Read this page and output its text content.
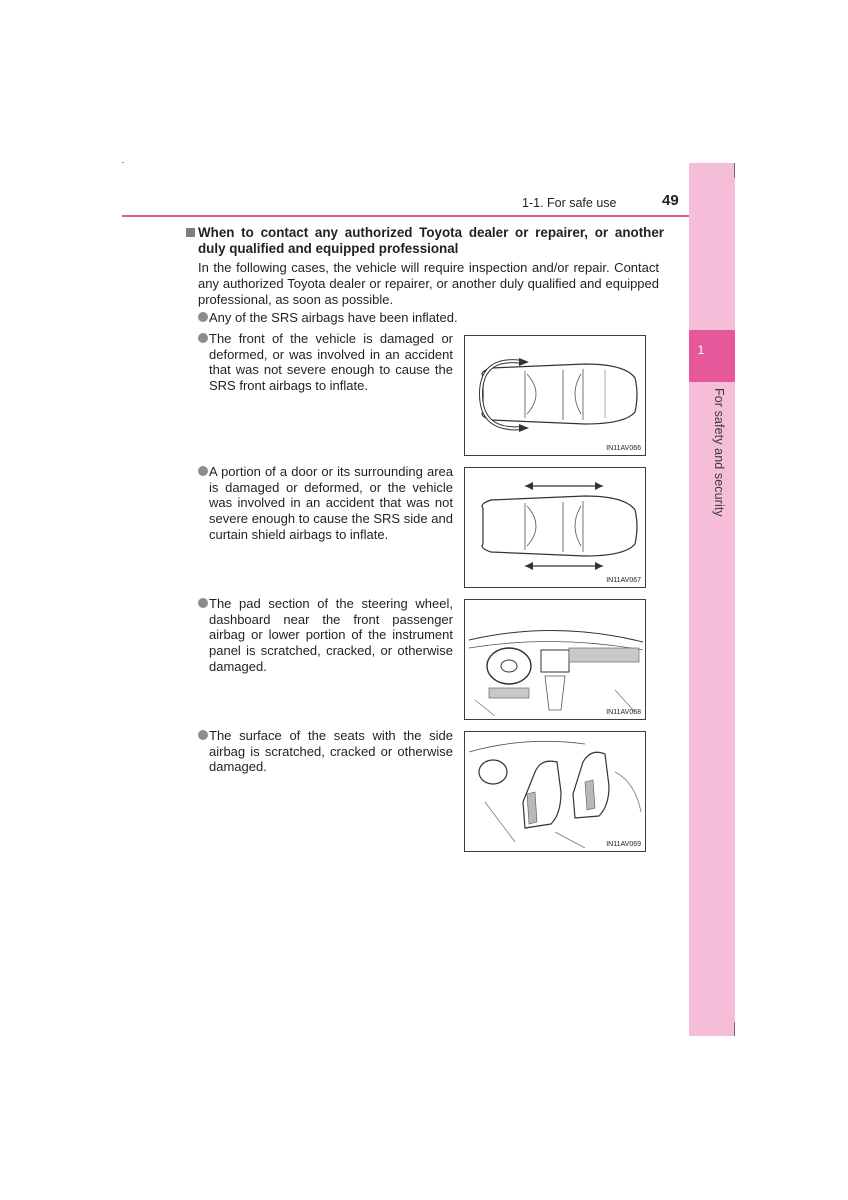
1
For safety and security
1-1. For safe use	49
When to contact any authorized Toyota dealer or repairer, or another duly qualified and equipped professional
In the following cases, the vehicle will require inspection and/or repair. Contact any authorized Toyota dealer or repairer, or another duly qualified and equipped professional, as soon as possible.
Any of the SRS airbags have been inflated.
The front of the vehicle is damaged or deformed, or was involved in an accident that was not severe enough to cause the SRS front airbags to inflate.
IN11AV066
A portion of a door or its surrounding area is damaged or deformed, or the vehicle was involved in an accident that was not severe enough to cause the SRS side and curtain shield airbags to inflate.
IN11AV067
The pad section of the steering wheel, dashboard near the front passenger airbag or lower portion of the instrument panel is scratched, cracked, or otherwise damaged.
IN11AV068
The surface of the seats with the side airbag is scratched, cracked or otherwise damaged.
IN11AV069
